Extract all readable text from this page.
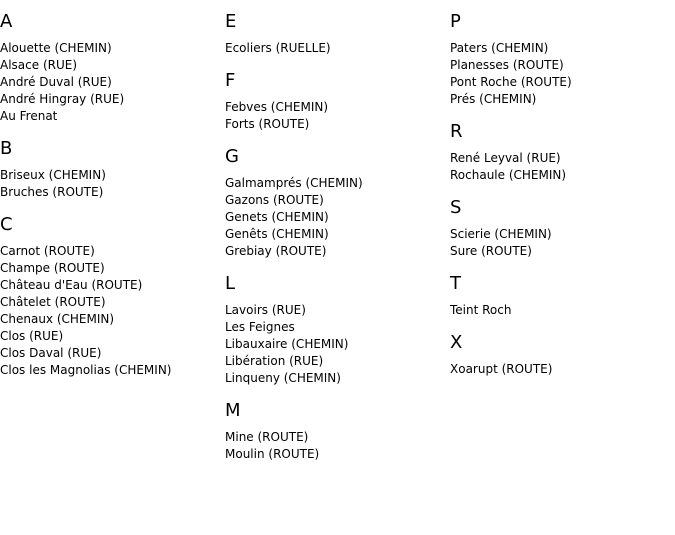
A
Alouette (CHEMIN)
Alsace (RUE)
André Duval (RUE)
André Hingray (RUE)
Au Frenat
B
Briseux (CHEMIN)
Bruches (ROUTE)
C
Carnot (ROUTE)
Champe (ROUTE)
Château d'Eau (ROUTE)
Châtelet (ROUTE)
Chenaux (CHEMIN)
Clos (RUE)
Clos Daval (RUE)
Clos les Magnolias (CHEMIN)
E
Ecoliers (RUELLE)
F
Febves (CHEMIN)
Forts (ROUTE)
G
Galmamprés (CHEMIN)
Gazons (ROUTE)
Genets (CHEMIN)
Genêts (CHEMIN)
Grebiay (ROUTE)
L
Lavoirs (RUE)
Les Feignes
Libauxaire (CHEMIN)
Libération (RUE)
Linqueny (CHEMIN)
M
Mine (ROUTE)
Moulin (ROUTE)
P
Paters (CHEMIN)
Planesses (ROUTE)
Pont Roche (ROUTE)
Prés (CHEMIN)
R
René Leyval (RUE)
Rochaule (CHEMIN)
S
Scierie (CHEMIN)
Sure (ROUTE)
T
Teint Roch
X
Xoarupt (ROUTE)
